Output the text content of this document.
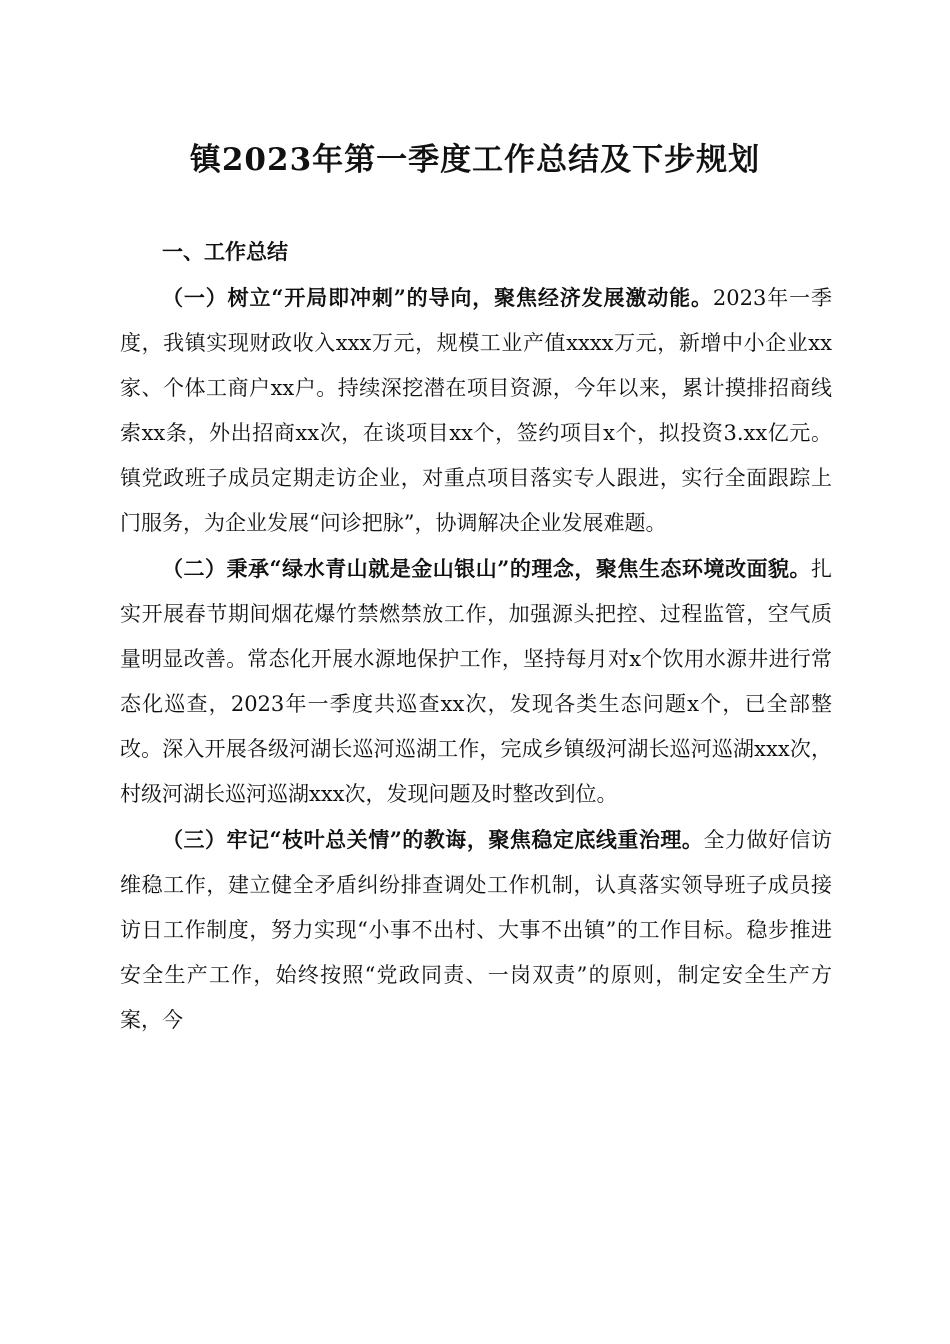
镇2023年第一季度工作总结及下步规划

一、工作总结

（一）树立“开局即冲刺”的导向，聚焦经济发展激动能。2023年一季度，我镇实现财政收入xxx万元，规模工业产值xxxx万元，新增中小企业xx家、个体工商户xx户。持续深挖潜在项目资源，今年以来，累计摸排招商线索xx条，外出招商xx次，在谈项目xx个，签约项目x个，拟投资3.xx亿元。镇党政班子成员定期走访企业，对重点项目落实专人跟进，实行全面跟踪上门服务，为企业发展“问诊把脉”，协调解决企业发展难题。

（二）秉承“绿水青山就是金山银山”的理念，聚焦生态环境改面貌。扎实开展春节期间烟花爆竹禁燃禁放工作，加强源头把控、过程监管，空气质量明显改善。常态化开展水源地保护工作，坚持每月对x个饮用水源井进行常态化巡查，2023年一季度共巡查xx次，发现各类生态问题x个，已全部整改。深入开展各级河湖长巡河巡湖工作，完成乡镇级河湖长巡河巡湖xxx次，村级河湖长巡河巡湖xxx次，发现问题及时整改到位。

（三）牢记“枝叶总关情”的教诲，聚焦稳定底线重治理。全力做好信访维稳工作，建立健全矛盾纠纷排查调处工作机制，认真落实领导班子成员接访日工作制度，努力实现“小事不出村、大事不出镇”的工作目标。稳步推进安全生产工作，始终按照“党政同责、一岗双责”的原则，制定安全生产方案，今
